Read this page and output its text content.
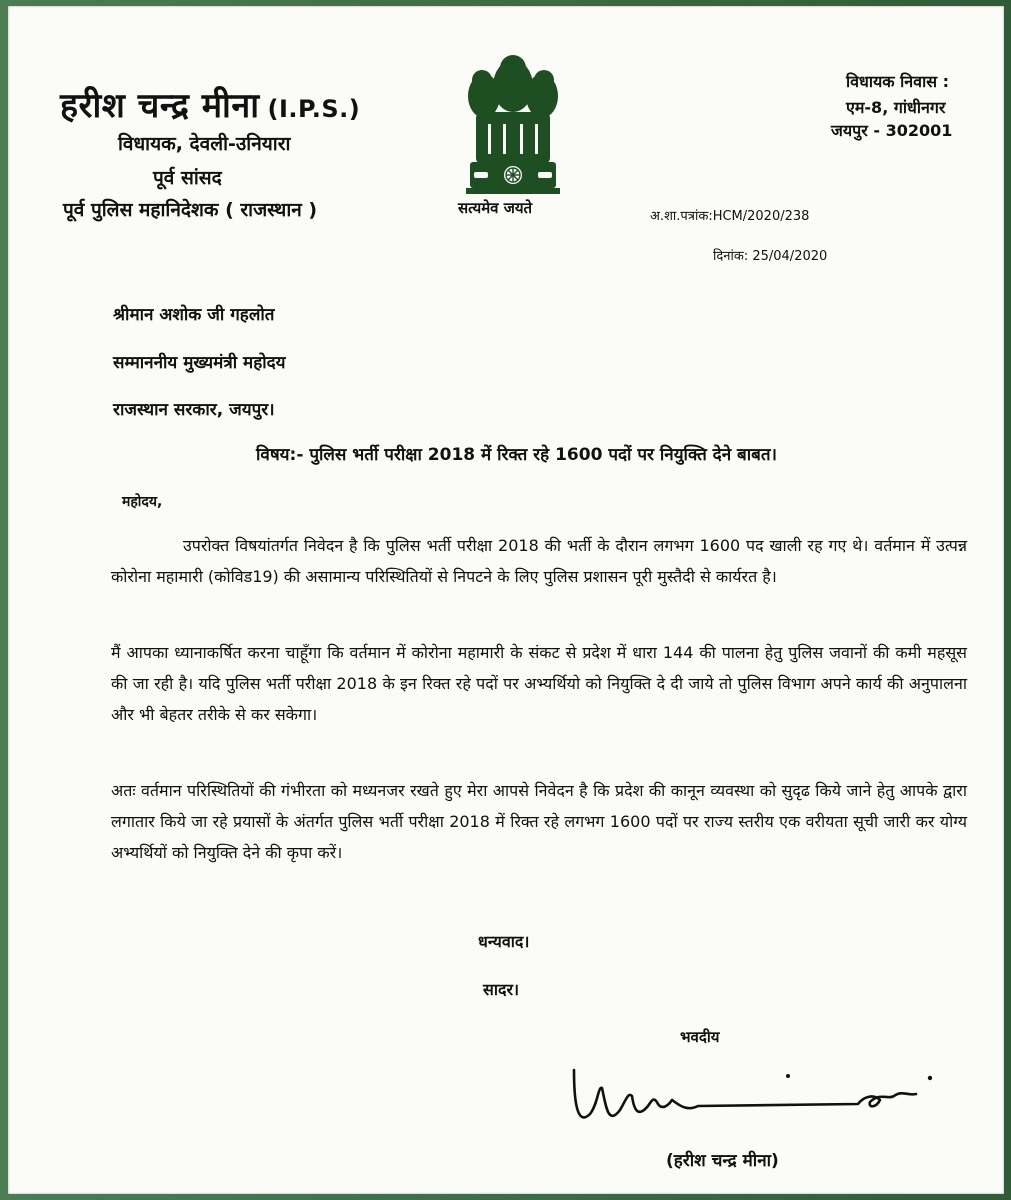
हरीश चन्द्र मीना (I.P.S.)
विधायक, देवली-उनियारा
पूर्व सांसद
पूर्व पुलिस महानिदेशक ( राजस्थान )	सत्यमेव जयते
विधायक निवास :
एम-8, गांधीनगर
जयपुर - 302001
अ.शा.पत्रांक:HCM/2020/238
दिनांक: 25/04/2020
श्रीमान अशोक जी गहलोत
सम्माननीय मुख्यमंत्री महोदय
राजस्थान सरकार, जयपुर।
विषय:- पुलिस भर्ती परीक्षा 2018 में रिक्त रहे 1600 पदों पर नियुक्ति देने बाबत।
महोदय,
उपरोक्त विषयांतर्गत निवेदन है कि पुलिस भर्ती परीक्षा 2018 की भर्ती के दौरान लगभग 1600 पद खाली रह गए थे। वर्तमान में उत्पन्न कोरोना महामारी (कोविड19) की असामान्य परिस्थितियों से निपटने के लिए पुलिस प्रशासन पूरी मुस्तैदी से कार्यरत है।
मैं आपका ध्यानाकर्षित करना चाहूँगा कि वर्तमान में कोरोना महामारी के संकट से प्रदेश में धारा 144 की पालना हेतु पुलिस जवानों की कमी महसूस की जा रही है। यदि पुलिस भर्ती परीक्षा 2018 के इन रिक्त रहे पदों पर अभ्यर्थियो को नियुक्ति दे दी जाये तो पुलिस विभाग अपने कार्य की अनुपालना और भी बेहतर तरीके से कर सकेगा।
अतः वर्तमान परिस्थितियों की गंभीरता को मध्यनजर रखते हुए मेरा आपसे निवेदन है कि प्रदेश की कानून व्यवस्था को सुदृढ किये जाने हेतु आपके द्वारा लगातार किये जा रहे प्रयासों के अंतर्गत पुलिस भर्ती परीक्षा 2018 में रिक्त रहे लगभग 1600 पदों पर राज्य स्तरीय एक वरीयता सूची जारी कर योग्य अभ्यर्थियों को नियुक्ति देने की कृपा करें।
धन्यवाद।
सादर।
भवदीय
(हरीश चन्द्र मीना)
